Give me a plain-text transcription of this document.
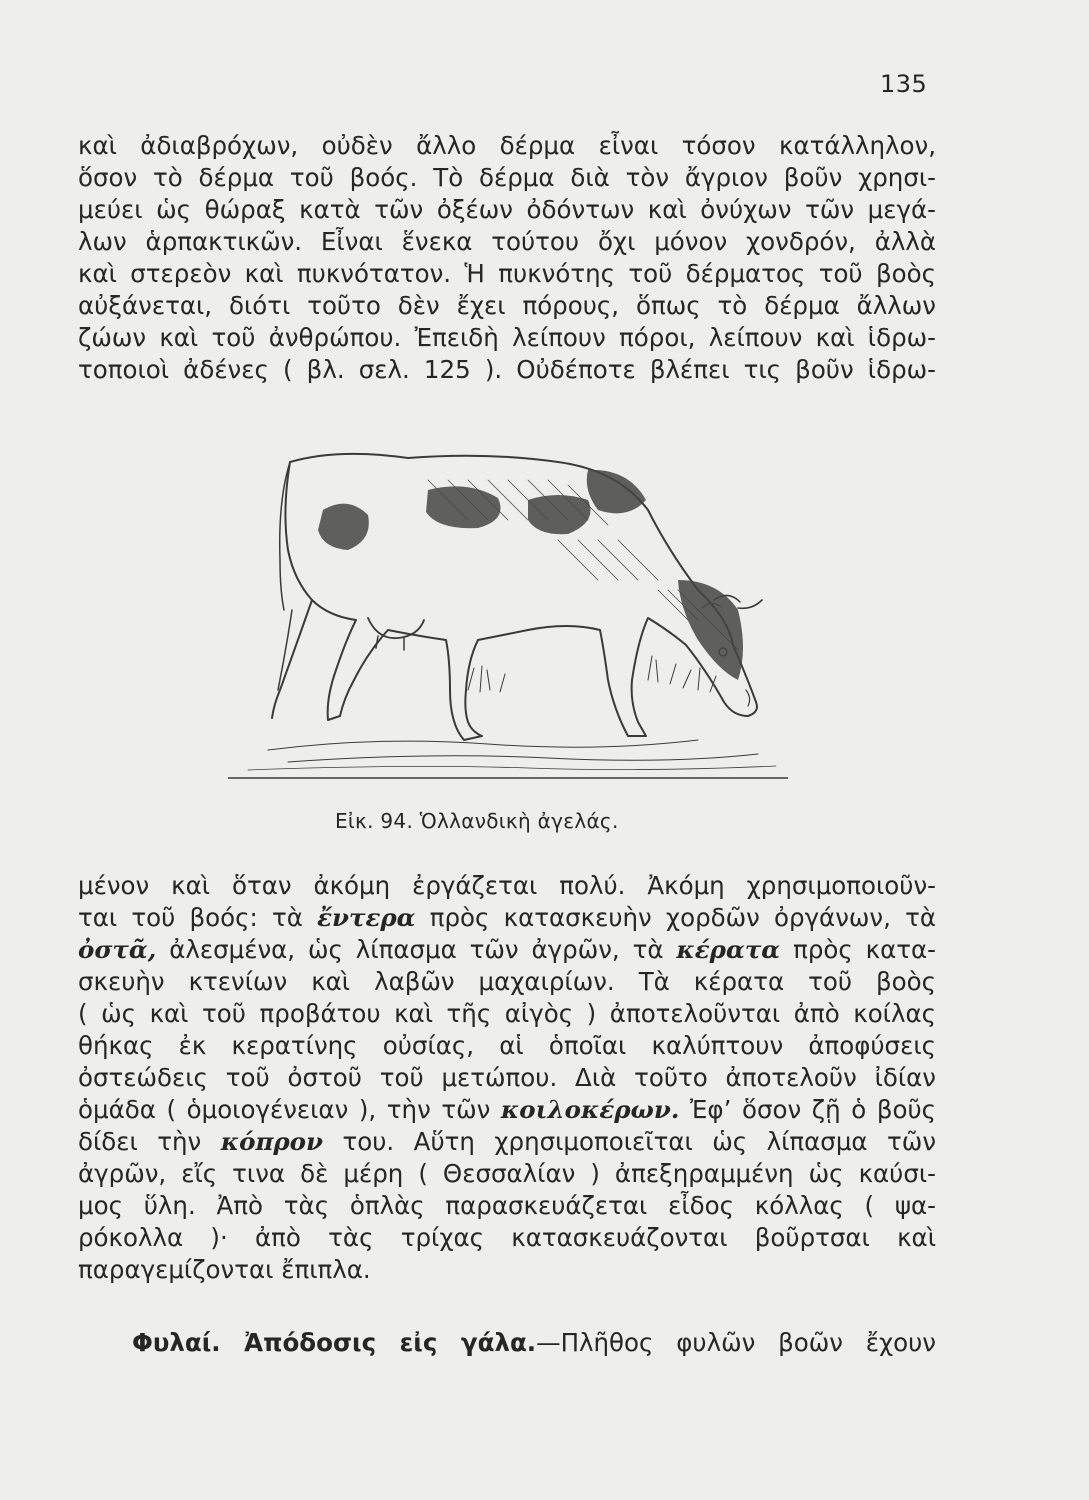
135
καὶ ἀδιαβρόχων, οὐδὲν ἄλλο δέρμα εἶναι τόσον κατάλληλον,
ὅσον τὸ δέρμα τοῦ βοός. Τὸ δέρμα διὰ τὸν ἄγριον βοῦν χρησι-
μεύει ὡς θώραξ κατὰ τῶν ὀξέων ὀδόντων καὶ ὀνύχων τῶν μεγά-
λων ἁρπακτικῶν. Εἶναι ἕνεκα τούτου ὄχι μόνον χονδρόν, ἀλλὰ
καὶ στερεὸν καὶ πυκνότατον. Ἡ πυκνότης τοῦ δέρματος τοῦ βοὸς
αὐξάνεται, διότι τοῦτο δὲν ἔχει πόρους, ὅπως τὸ δέρμα ἄλλων
ζώων καὶ τοῦ ἀνθρώπου. Ἐπειδὴ λείπουν πόροι, λείπουν καὶ ἱδρω-
τοποιοὶ ἀδένες ( βλ. σελ. 125 ). Οὐδέποτε βλέπει τις βοῦν ἱδρω-
Εἰκ. 94. Ὁλλανδικὴ ἀγελάς.
μένον καὶ ὅταν ἀκόμη ἐργάζεται πολύ. Ἀκόμη χρησιμοποιοῦν-
ται τοῦ βοός: τὰ ἔντερα πρὸς κατασκευὴν χορδῶν ὀργάνων, τὰ
ὀστᾶ, ἀλεσμένα, ὡς λίπασμα τῶν ἀγρῶν, τὰ κέρατα πρὸς κατα-
σκευὴν κτενίων καὶ λαβῶν μαχαιρίων. Τὰ κέρατα τοῦ βοὸς
( ὡς καὶ τοῦ προβάτου καὶ τῆς αἰγὸς ) ἀποτελοῦνται ἀπὸ κοίλας
θήκας ἐκ κερατίνης οὐσίας, αἱ ὁποῖαι καλύπτουν ἀποφύσεις
ὀστεώδεις τοῦ ὀστοῦ τοῦ μετώπου. Διὰ τοῦτο ἀποτελοῦν ἰδίαν
ὁμάδα ( ὁμοιογένειαν ), τὴν τῶν κοιλοκέρων. Ἐφ’ ὅσον ζῇ ὁ βοῦς
δίδει τὴν κόπρον του. Αὕτη χρησιμοποιεῖται ὡς λίπασμα τῶν
ἀγρῶν, εἴς τινα δὲ μέρη ( Θεσσαλίαν ) ἀπεξηραμμένη ὡς καύσι-
μος ὕλη. Ἀπὸ τὰς ὁπλὰς παρασκευάζεται εἶδος κόλλας ( ψα-
ρόκολλα )· ἀπὸ τὰς τρίχας κατασκευάζονται βοῦρτσαι καὶ
παραγεμίζονται ἔπιπλα.
Φυλαί. Ἀπόδοσις εἰς γάλα.—Πλῆθος φυλῶν βοῶν ἔχουν
